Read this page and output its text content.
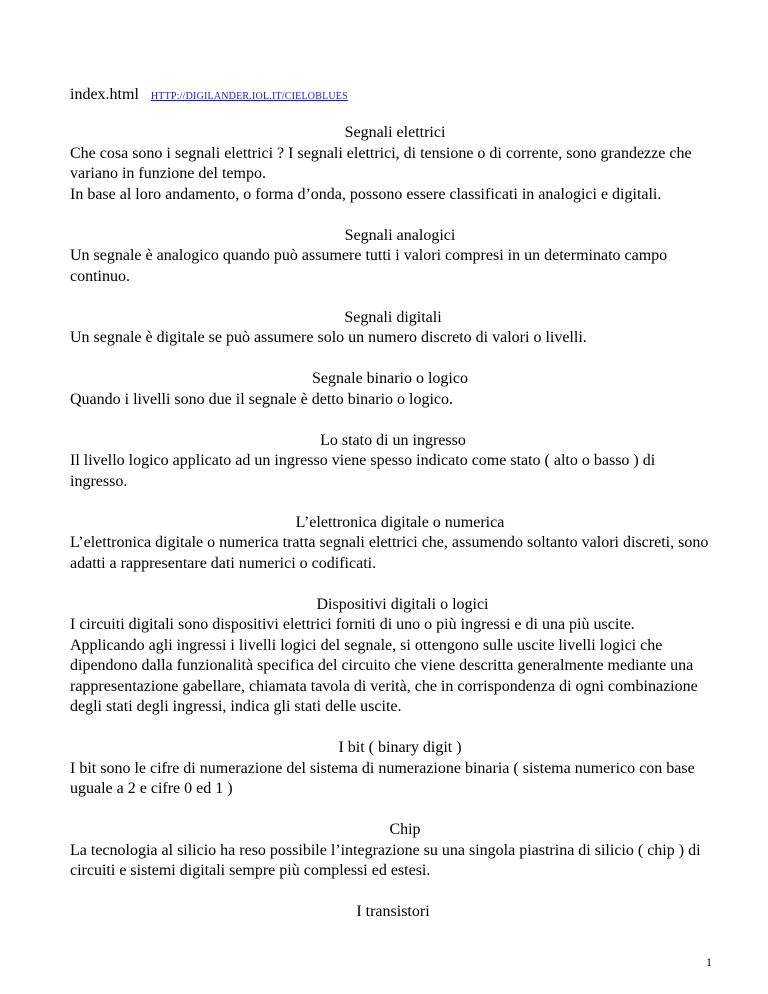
index.html HTTP://DIGILANDER.IOL.IT/CIELOBLUES
Segnali elettrici
Che cosa sono i segnali elettrici ? I segnali elettrici, di tensione o di corrente, sono grandezze che variano in funzione del tempo.
In base al loro andamento, o forma d’onda, possono essere classificati in analogici e digitali.
Segnali analogici
Un segnale è analogico quando può assumere tutti i valori compresi in un determinato campo continuo.
Segnali digitali
Un segnale è digitale se può assumere solo un numero discreto di valori o livelli.
Segnale binario o logico
Quando i livelli sono due il segnale è detto binario o logico.
Lo stato di un ingresso
Il livello logico applicato ad un ingresso viene spesso indicato come stato ( alto o basso ) di ingresso.
L’elettronica digitale o numerica
L’elettronica digitale o numerica tratta segnali elettrici che, assumendo soltanto valori discreti, sono adatti a rappresentare dati numerici o codificati.
Dispositivi digitali o logici
I circuiti digitali sono dispositivi elettrici forniti di uno o più ingressi e di una più uscite. Applicando agli ingressi i livelli logici del segnale, si ottengono sulle uscite livelli logici che dipendono dalla funzionalità specifica del circuito che viene descritta generalmente mediante una rappresentazione gabellare, chiamata tavola di verità, che in corrispondenza di ogni combinazione degli stati degli ingressi, indica gli stati delle uscite.
I bit ( binary digit )
I bit sono le cifre di numerazione del sistema di numerazione binaria ( sistema numerico con base uguale a 2 e cifre 0 ed 1 )
Chip
La tecnologia al silicio ha reso possibile l’integrazione su una singola piastrina di silicio ( chip ) di circuiti e sistemi digitali sempre più complessi ed estesi.
I transistori
1
